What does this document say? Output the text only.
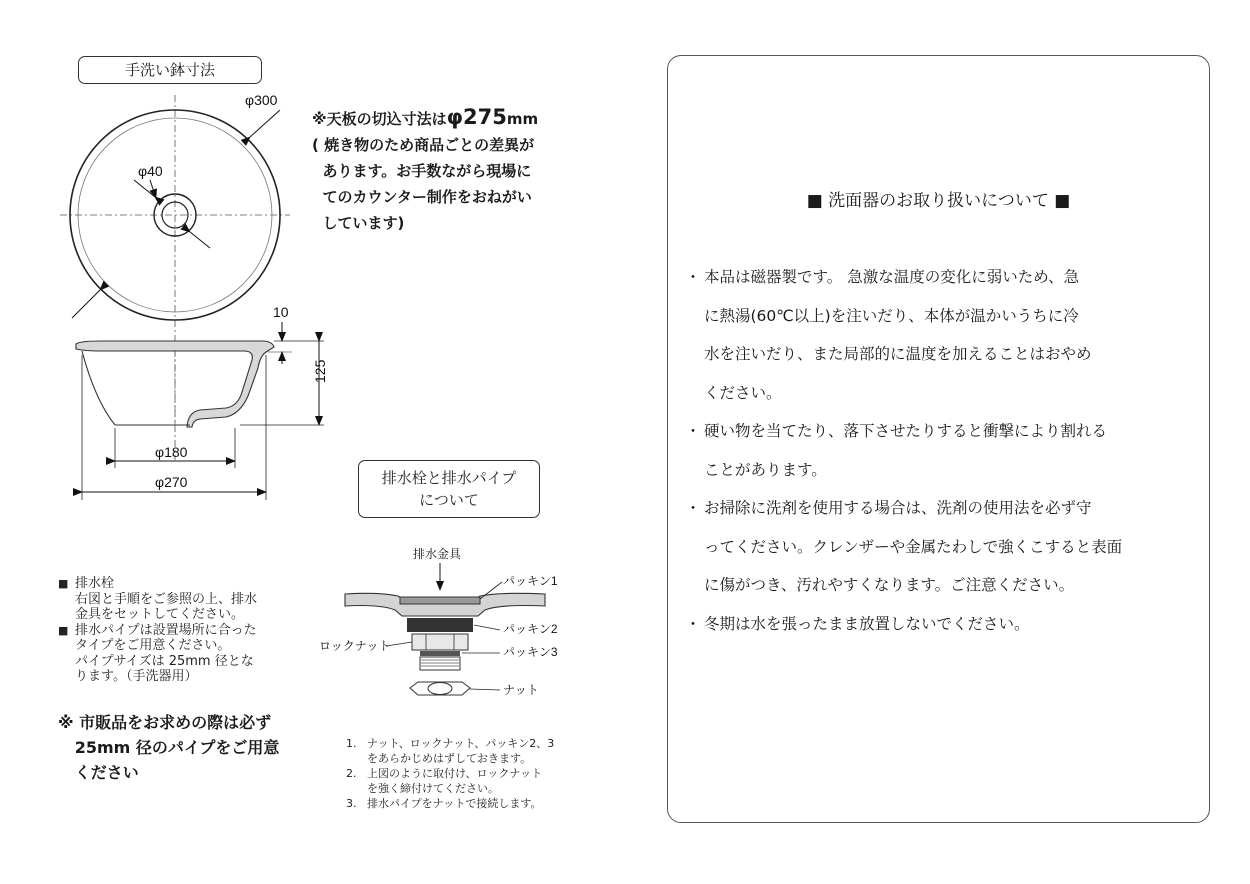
手洗い鉢寸法
φ300
φ40
10
125
φ180
φ270
排水金具
パッキン1
パッキン2
ロックナット	パッキン3
ナット
※天板の切込寸法はφ275mm
( 焼き物のため商品ごとの差異が
あります。お手数ながら現場に
てのカウンター制作をおねがい
しています)
排水栓と排水パイプ
について
■ 排水栓
右図と手順をご参照の上、排水
金具をセットしてください。
■ 排水パイプは設置場所に合った
タイプをご用意ください。
パイプサイズは 25mm 径とな
ります。（手洗器用）
※ 市販品をお求めの際は必ず
25mm 径のパイプをご用意
ください
1.   ナット、ロックナット、パッキン2、3
をあらかじめはずしておきます。
2.   上図のように取付け、ロックナット
を強く締付けてください。
3.   排水パイプをナットで接続します。
■ 洗面器のお取り扱いについて ■
・ 本品は磁器製です。 急激な温度の変化に弱いため、急
に熱湯(60℃以上)を注いだり、本体が温かいうちに冷
水を注いだり、また局部的に温度を加えることはおやめ
ください。
・ 硬い物を当てたり、落下させたりすると衝撃により割れる
ことがあります。
・ お掃除に洗剤を使用する場合は、洗剤の使用法を必ず守
ってください。クレンザーや金属たわしで強くこすると表面
に傷がつき、汚れやすくなります。ご注意ください。
・ 冬期は水を張ったまま放置しないでください。
